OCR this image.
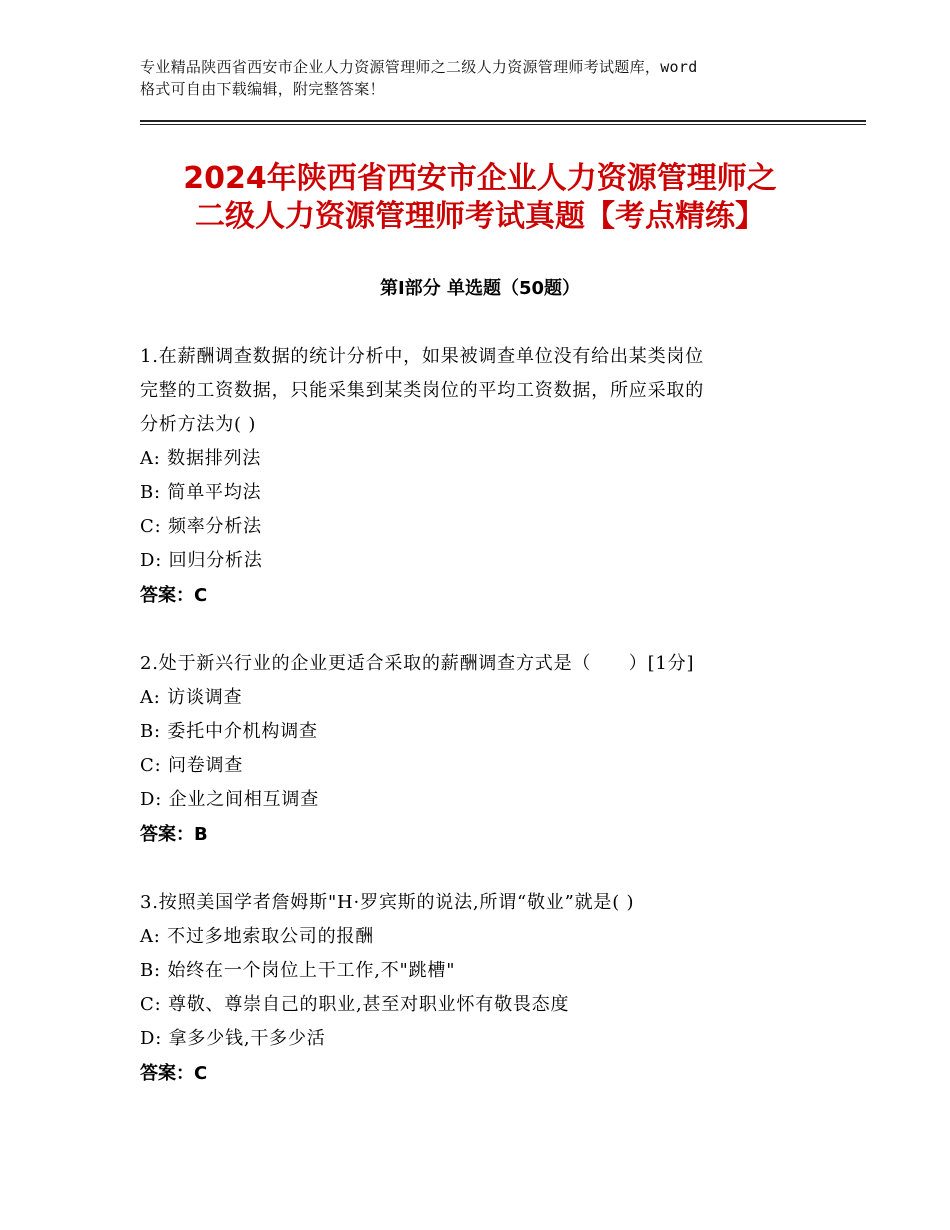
专业精品陕西省西安市企业人力资源管理师之二级人力资源管理师考试题库，word
格式可自由下载编辑，附完整答案！
2024年陕西省西安市企业人力资源管理师之
二级人力资源管理师考试真题【考点精练】
第I部分 单选题（50题）

1.在薪酬调查数据的统计分析中，如果被调查单位没有给出某类岗位

完整的工资数据，只能采集到某类岗位的平均工资数据，所应采取的

分析方法为( )

A: 数据排列法

B: 简单平均法

C: 频率分析法

D: 回归分析法

答案：C

2.处于新兴行业的企业更适合采取的薪酬调查方式是（　　）[1分]

A: 访谈调查

B: 委托中介机构调查

C: 问卷调查

D: 企业之间相互调查

答案：B

3.按照美国学者詹姆斯"H·罗宾斯的说法,所谓“敬业”就是( )

A: 不过多地索取公司的报酬

B: 始终在一个岗位上干工作,不"跳槽"

C: 尊敬、尊崇自己的职业,甚至对职业怀有敬畏态度

D: 拿多少钱,干多少活

答案：C
